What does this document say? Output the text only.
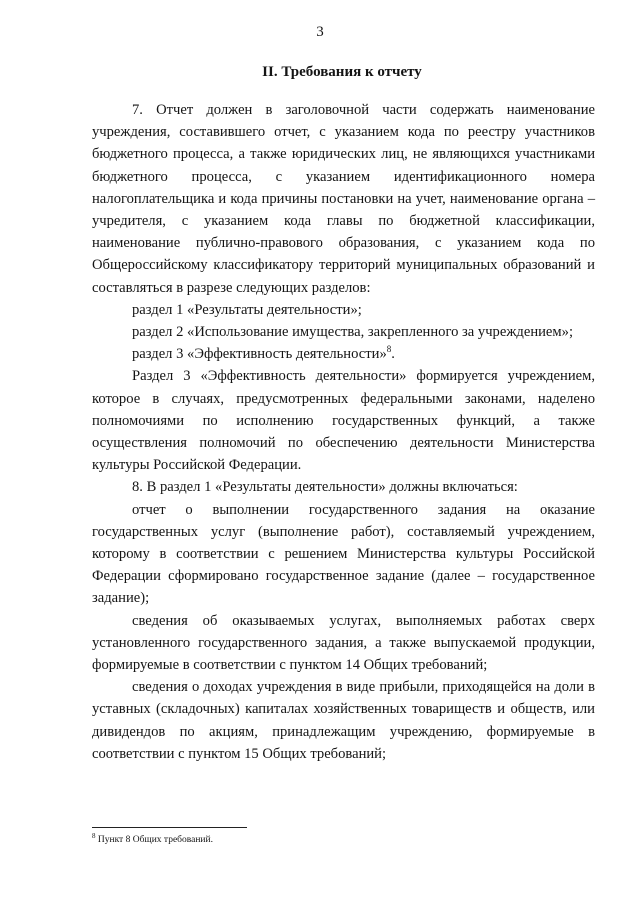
3
II. Требования к отчету

7. Отчет должен в заголовочной части содержать наименование учреждения, составившего отчет, с указанием кода по реестру участников бюджетного процесса, а также юридических лиц, не являющихся участниками бюджетного процесса, с указанием идентификационного номера налогоплательщика и кода причины постановки на учет, наименование органа – учредителя, с указанием кода главы по бюджетной классификации, наименование публично-правового образования, с указанием кода по Общероссийскому классификатору территорий муниципальных образований и составляться в разрезе следующих разделов:

раздел 1 «Результаты деятельности»;

раздел 2 «Использование имущества, закрепленного за учреждением»;

раздел 3 «Эффективность деятельности»$^8$.

Раздел 3 «Эффективность деятельности» формируется учреждением, которое в случаях, предусмотренных федеральными законами, наделено полномочиями по исполнению государственных функций, а также осуществления полномочий по обеспечению деятельности Министерства культуры Российской Федерации.

8. В раздел 1 «Результаты деятельности» должны включаться:

отчет о выполнении государственного задания на оказание государственных услуг (выполнение работ), составляемый учреждением, которому в соответствии с решением Министерства культуры Российской Федерации сформировано государственное задание (далее – государственное задание);

сведения об оказываемых услугах, выполняемых работах сверх установленного государственного задания, а также выпускаемой продукции, формируемые в соответствии с пунктом 14 Общих требований;

сведения о доходах учреждения в виде прибыли, приходящейся на доли в уставных (складочных) капиталах хозяйственных товариществ и обществ, или дивидендов по акциям, принадлежащим учреждению, формируемые в соответствии с пунктом 15 Общих требований;

$^8$ Пункт 8 Общих требований.
